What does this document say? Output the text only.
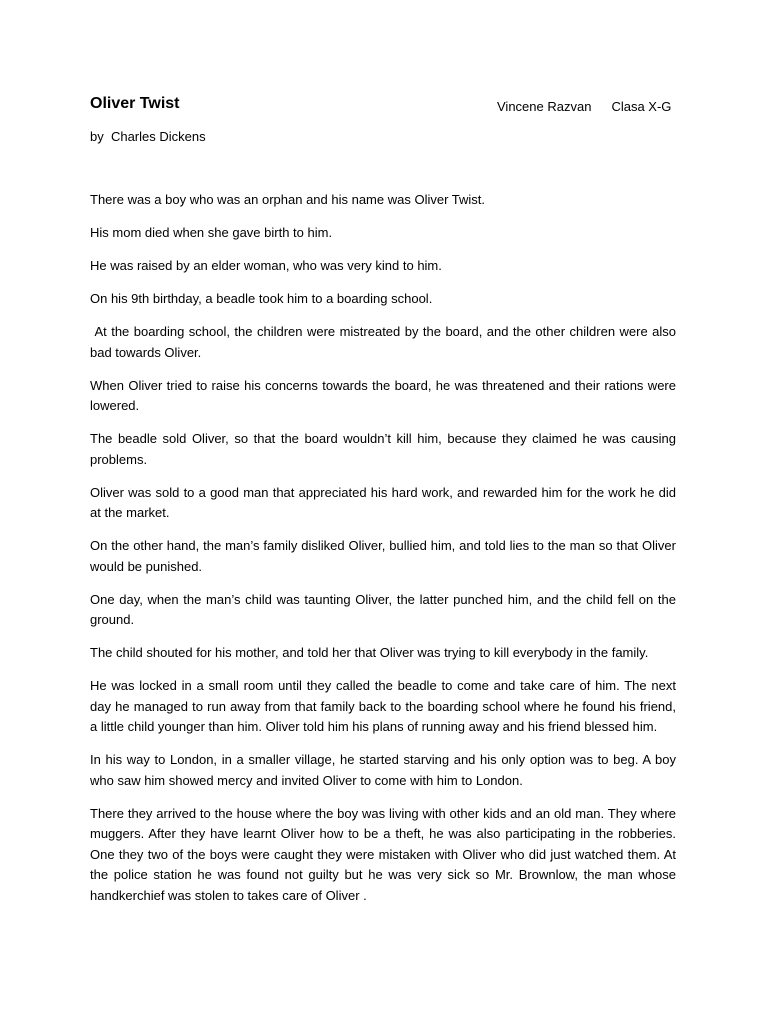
Oliver Twist	Vincene Razvan Clasa X-G
by  Charles Dickens

There was a boy who was an orphan and his name was Oliver Twist.

His mom died when she gave birth to him.

He was raised by an elder woman, who was very kind to him.

On his 9th birthday, a beadle took him to a boarding school.

At the boarding school, the children were mistreated by the board, and the other children were also bad towards Oliver.

When Oliver tried to raise his concerns towards the board, he was threatened and their rations were lowered.

The beadle sold Oliver, so that the board wouldn’t kill him, because they claimed he was causing problems.

Oliver was sold to a good man that appreciated his hard work, and rewarded him for the work he did at the market.

On the other hand, the man’s family disliked Oliver, bullied him, and told lies to the man so that Oliver would be punished.

One day, when the man’s child was taunting Oliver, the latter punched him, and the child fell on the ground.

The child shouted for his mother, and told her that Oliver was trying to kill everybody in the family.

He was locked in a small room until they called the beadle to come and take care of him. The next day he managed to run away from that family back to the boarding school where he found his friend, a little child younger than him. Oliver told him his plans of running away and his friend blessed him.

In his way to London, in a smaller village, he started starving and his only option was to beg. A boy who saw him showed mercy and invited Oliver to come with him to London.

There they arrived to the house where the boy was living with other kids and an old man. They where muggers. After they have learnt Oliver how to be a theft, he was also participating in the robberies. One they two of the boys were caught they were mistaken with Oliver who did just watched them. At the police station he was found not guilty but he was very sick so Mr. Brownlow, the man whose handkerchief was stolen to takes care of Oliver .
